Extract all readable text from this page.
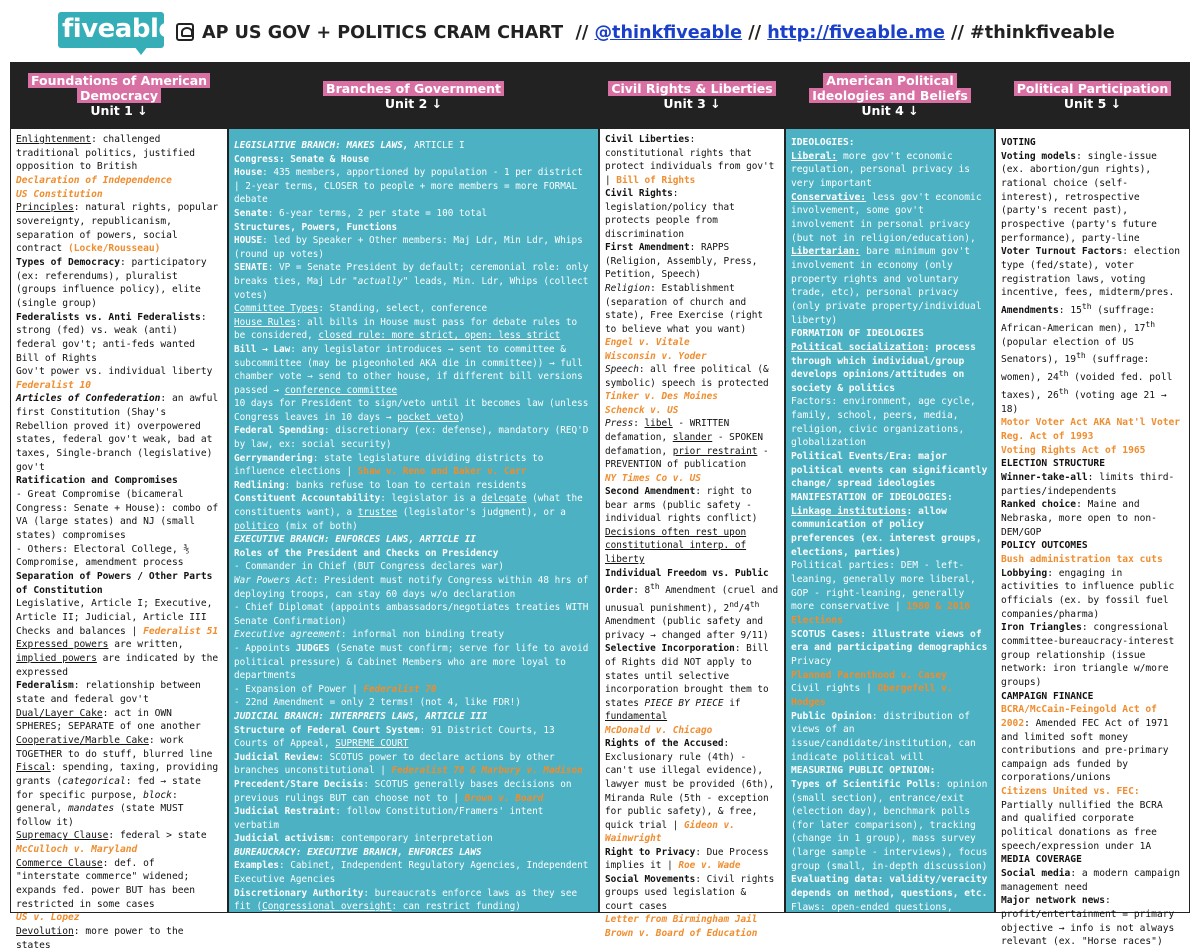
fiveable	AP US GOV + POLITICS CRAM CHART // @thinkfiveable // http://fiveable.me // #thinkfiveable
Foundations of American
Democracy
Unit 1 ↓

Enlightenment: challenged traditional politics, justified opposition to British

Declaration of Independence

US Constitution

Principles: natural rights, popular sovereignty, republicanism, separation of powers, social contract (Locke/Rousseau)

Types of Democracy: participatory (ex: referendums), pluralist (groups influence policy), elite (single group)

Federalists vs. Anti Federalists: strong (fed) vs. weak (anti) federal gov't; anti-feds wanted Bill of Rights

Gov't power vs. individual liberty

Federalist 10

Articles of Confederation: an awful first Constitution (Shay's Rebellion proved it) overpowered states, federal gov't weak, bad at taxes, Single-branch (legislative) gov't

Ratification and Compromises

- Great Compromise (bicameral Congress: Senate + House): combo of VA (large states) and NJ (small states) compromises

- Others: Electoral College, ⅗ Compromise, amendment process

Separation of Powers / Other Parts of Constitution

Legislative, Article I; Executive, Article II; Judicial, Article III

Checks and balances | Federalist 51

Expressed powers are written, implied powers are indicated by the expressed

Federalism: relationship between state and federal gov't

Dual/Layer Cake: act in OWN SPHERES; SEPARATE of one another

Cooperative/Marble Cake: work TOGETHER to do stuff, blurred line

Fiscal: spending, taxing, providing grants (categorical: fed → state for specific purpose, block: general, mandates (state MUST follow it)

Supremacy Clause: federal > state

McCulloch v. Maryland

Commerce Clause: def. of "interstate commerce" widened; expands fed. power BUT has been restricted in some cases

US v. Lopez

Devolution: more power to the states

Branches of Government
Unit 2 ↓

LEGISLATIVE BRANCH: MAKES LAWS, ARTICLE I

Congress: Senate & House

House: 435 members, apportioned by population - 1 per district | 2-year terms, CLOSER to people + more members = more FORMAL debate

Senate: 6-year terms, 2 per state = 100 total

Structures, Powers, Functions

HOUSE: led by Speaker + Other members: Maj Ldr, Min Ldr, Whips (round up votes)

SENATE: VP = Senate President by default; ceremonial role: only breaks ties, Maj Ldr "actually" leads, Min. Ldr, Whips (collect votes)

Committee Types: Standing, select, conference

House Rules: all bills in House must pass for debate rules to be considered, closed rule: more strict, open: less strict

Bill → Law: any legislator introduces → sent to committee & subcommittee (may be pigeonholed AKA die in committee)) → full chamber vote → send to other house, if different bill versions passed → conference committee

10 days for President to sign/veto until it becomes law (unless Congress leaves in 10 days → pocket veto)

Federal Spending: discretionary (ex: defense), mandatory (REQ'D by law, ex: social security)

Gerrymandering: state legislature dividing districts to influence elections | Shaw v. Reno and Baker v. Carr

Redlining: banks refuse to loan to certain residents

Constituent Accountability: legislator is a delegate (what the constituents want), a trustee (legislator's judgment), or a politico (mix of both)

EXECUTIVE BRANCH: ENFORCES LAWS, ARTICLE II

Roles of the President and Checks on Presidency

- Commander in Chief (BUT Congress declares war)

War Powers Act: President must notify Congress within 48 hrs of deploying troops, can stay 60 days w/o declaration

- Chief Diplomat (appoints ambassadors/negotiates treaties WITH Senate Confirmation)

Executive agreement: informal non binding treaty

- Appoints JUDGES (Senate must confirm; serve for life to avoid political pressure) & Cabinet Members who are more loyal to departments

- Expansion of Power | Federalist 70

- 22nd Amendment = only 2 terms! (not 4, like FDR!)

JUDICIAL BRANCH: INTERPRETS LAWS, ARTICLE III

Structure of Federal Court System: 91 District Courts, 13 Courts of Appeal, SUPREME COURT

Judicial Review: SCOTUS power to declare actions by other branches unconstitutional | Federalist 78 & Marbury v. Madison

Precedent/Stare Decisis: SCOTUS generally bases decisions on previous rulings BUT can choose not to | Brown v. Board

Judicial Restraint: follow Constitution/Framers' intent verbatim

Judicial activism: contemporary interpretation

BUREAUCRACY: EXECUTIVE BRANCH, ENFORCES LAWS

Examples: Cabinet, Independent Regulatory Agencies, Independent Executive Agencies

Discretionary Authority: bureaucrats enforce laws as they see fit (Congressional oversight: can restrict funding)

Civil Rights & Liberties
Unit 3 ↓

Civil Liberties: constitutional rights that protect individuals from gov't | Bill of Rights

Civil Rights: legislation/policy that protects people from discrimination

First Amendment: RAPPS (Religion, Assembly, Press, Petition, Speech)

Religion: Establishment (separation of church and state), Free Exercise (right to believe what you want)

Engel v. Vitale

Wisconsin v. Yoder

Speech: all free political (& symbolic) speech is protected

Tinker v. Des Moines

Schenck v. US

Press: libel - WRITTEN defamation, slander - SPOKEN defamation, prior restraint - PREVENTION of publication

NY Times Co v. US

Second Amendment: right to bear arms (public safety - individual rights conflict)

Decisions often rest upon constitutional interp. of liberty

Individual Freedom vs. Public Order: 8th Amendment (cruel and unusual punishment), 2nd/4th Amendment (public safety and privacy → changed after 9/11)

Selective Incorporation: Bill of Rights did NOT apply to states until selective incorporation brought them to states PIECE BY PIECE if fundamental

McDonald v. Chicago

Rights of the Accused: Exclusionary rule (4th) - can't use illegal evidence), lawyer must be provided (6th), Miranda Rule (5th - exception for public safety), & free, quick trial | Gideon v. Wainwright

Right to Privacy: Due Process implies it | Roe v. Wade

Social Movements: Civil rights groups used legislation & court cases

Letter from Birmingham Jail

Brown v. Board of Education

American Political
Ideologies and Beliefs
Unit 4 ↓

IDEOLOGIES:

Liberal: more gov't economic regulation, personal privacy is very important

Conservative: less gov't economic involvement, some gov't involvement in personal privacy (but not in religion/education),

Libertarian: bare minimum gov't involvement in economy (only property rights and voluntary trade, etc), personal privacy (only private property/individual liberty)

FORMATION OF IDEOLOGIES

Political socialization: process through which individual/group develops opinions/attitudes on society & politics

Factors: environment, age cycle, family, school, peers, media, religion, civic organizations, globalization

Political Events/Era: major political events can significantly change/ spread ideologies

MANIFESTATION OF IDEOLOGIES:

Linkage institutions: allow communication of policy preferences (ex. interest groups, elections, parties)

Political parties: DEM - left-leaning, generally more liberal, GOP - right-leaning, generally more conservative | 1980 & 2016 Elections

SCOTUS Cases: illustrate views of era and participating demographics

Privacy

Planned Parenthood v. Casey

Civil rights | Obergefell v. Hodges

Public Opinion: distribution of views of an issue/candidate/institution, can indicate political will

MEASURING PUBLIC OPINION:

Types of Scientific Polls: opinion (small section), entrance/exit (election day), benchmark polls (for later comparison), tracking (change in 1 group), mass survey (large sample - interviews), focus group (small, in-depth discussion)

Evaluating data: validity/veracity depends on method, questions, etc.

Flaws: open-ended questions, insufficient sample size, high margin of error

Political Participation
Unit 5 ↓

VOTING

Voting models: single-issue (ex. abortion/gun rights), rational choice (self-interest), retrospective (party's recent past), prospective (party's future performance), party-line

Voter Turnout Factors: election type (fed/state), voter registration laws, voting incentive, fees, midterm/pres.

Amendments: 15th (suffrage: African-American men), 17th (popular election of US Senators), 19th (suffrage: women), 24th (voided fed. poll taxes), 26th (voting age 21 → 18)

Motor Voter Act AKA Nat'l Voter Reg. Act of 1993

Voting Rights Act of 1965

ELECTION STRUCTURE

Winner-take-all: limits third-parties/independents

Ranked choice: Maine and Nebraska, more open to non-DEM/GOP

POLICY OUTCOMES

Bush administration tax cuts

Lobbying: engaging in activities to influence public officials (ex. by fossil fuel companies/pharma)

Iron Triangles: congressional committee-bureaucracy-interest group relationship (issue network: iron triangle w/more groups)

CAMPAIGN FINANCE

BCRA/McCain-Feingold Act of 2002: Amended FEC Act of 1971 and limited soft money contributions and pre-primary campaign ads funded by corporations/unions

Citizens United vs. FEC:

Partially nullified the BCRA and qualified corporate political donations as free speech/expression under 1A

MEDIA COVERAGE

Social media: a modern campaign management need

Major network news: profit/entertainment = primary objective → info is not always relevant (ex. "Horse races")
